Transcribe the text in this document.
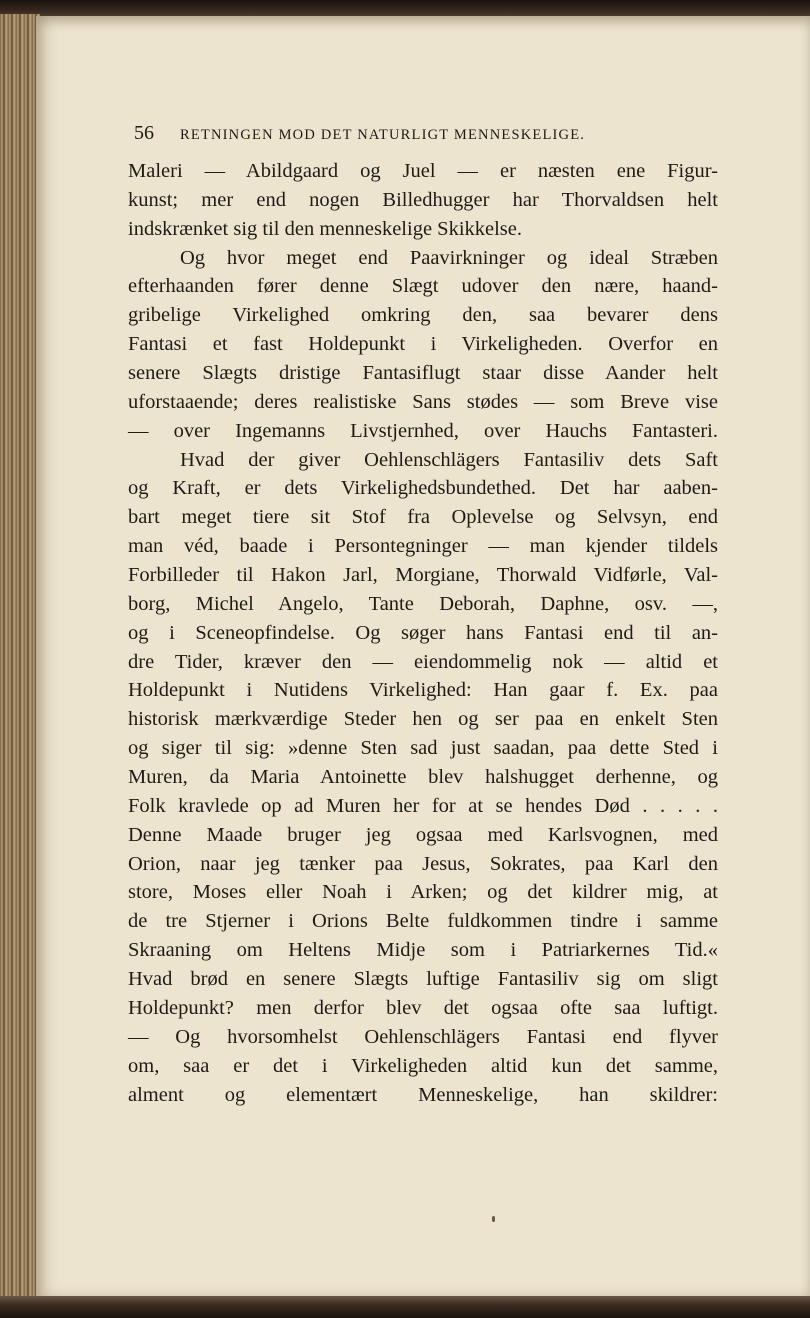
56 RETNINGEN MOD DET NATURLIGT MENNESKELIGE.
Maleri — Abildgaard og Juel — er næsten ene Figur-
kunst; mer end nogen Billedhugger har Thorvaldsen helt
indskrænket sig til den menneskelige Skikkelse.
Og hvor meget end Paavirkninger og ideal Stræben
efterhaanden fører denne Slægt udover den nære, haand-
gribelige Virkelighed omkring den, saa bevarer dens
Fantasi et fast Holdepunkt i Virkeligheden. Overfor en
senere Slægts dristige Fantasiflugt staar disse Aander helt
uforstaaende; deres realistiske Sans stødes — som Breve vise
— over Ingemanns Livstjernhed, over Hauchs Fantasteri.
Hvad der giver Oehlenschlägers Fantasiliv dets Saft
og Kraft, er dets Virkelighedsbundethed. Det har aaben-
bart meget tiere sit Stof fra Oplevelse og Selvsyn, end
man véd, baade i Persontegninger — man kjender tildels
Forbilleder til Hakon Jarl, Morgiane, Thorwald Vidførle, Val-
borg, Michel Angelo, Tante Deborah, Daphne, osv. —,
og i Sceneopfindelse. Og søger hans Fantasi end til an-
dre Tider, kræver den — eiendommelig nok — altid et
Holdepunkt i Nutidens Virkelighed: Han gaar f. Ex. paa
historisk mærkværdige Steder hen og ser paa en enkelt Sten
og siger til sig: »denne Sten sad just saadan, paa dette Sted i
Muren, da Maria Antoinette blev halshugget derhenne, og
Folk kravlede op ad Muren her for at se hendes Død . . . . .
Denne Maade bruger jeg ogsaa med Karlsvognen, med
Orion, naar jeg tænker paa Jesus, Sokrates, paa Karl den
store, Moses eller Noah i Arken; og det kildrer mig, at
de tre Stjerner i Orions Belte fuldkommen tindre i samme
Skraaning om Heltens Midje som i Patriarkernes Tid.«
Hvad brød en senere Slægts luftige Fantasiliv sig om sligt
Holdepunkt? men derfor blev det ogsaa ofte saa luftigt.
— Og hvorsomhelst Oehlenschlägers Fantasi end flyver
om, saa er det i Virkeligheden altid kun det samme,
alment og elementært Menneskelige, han skildrer:
